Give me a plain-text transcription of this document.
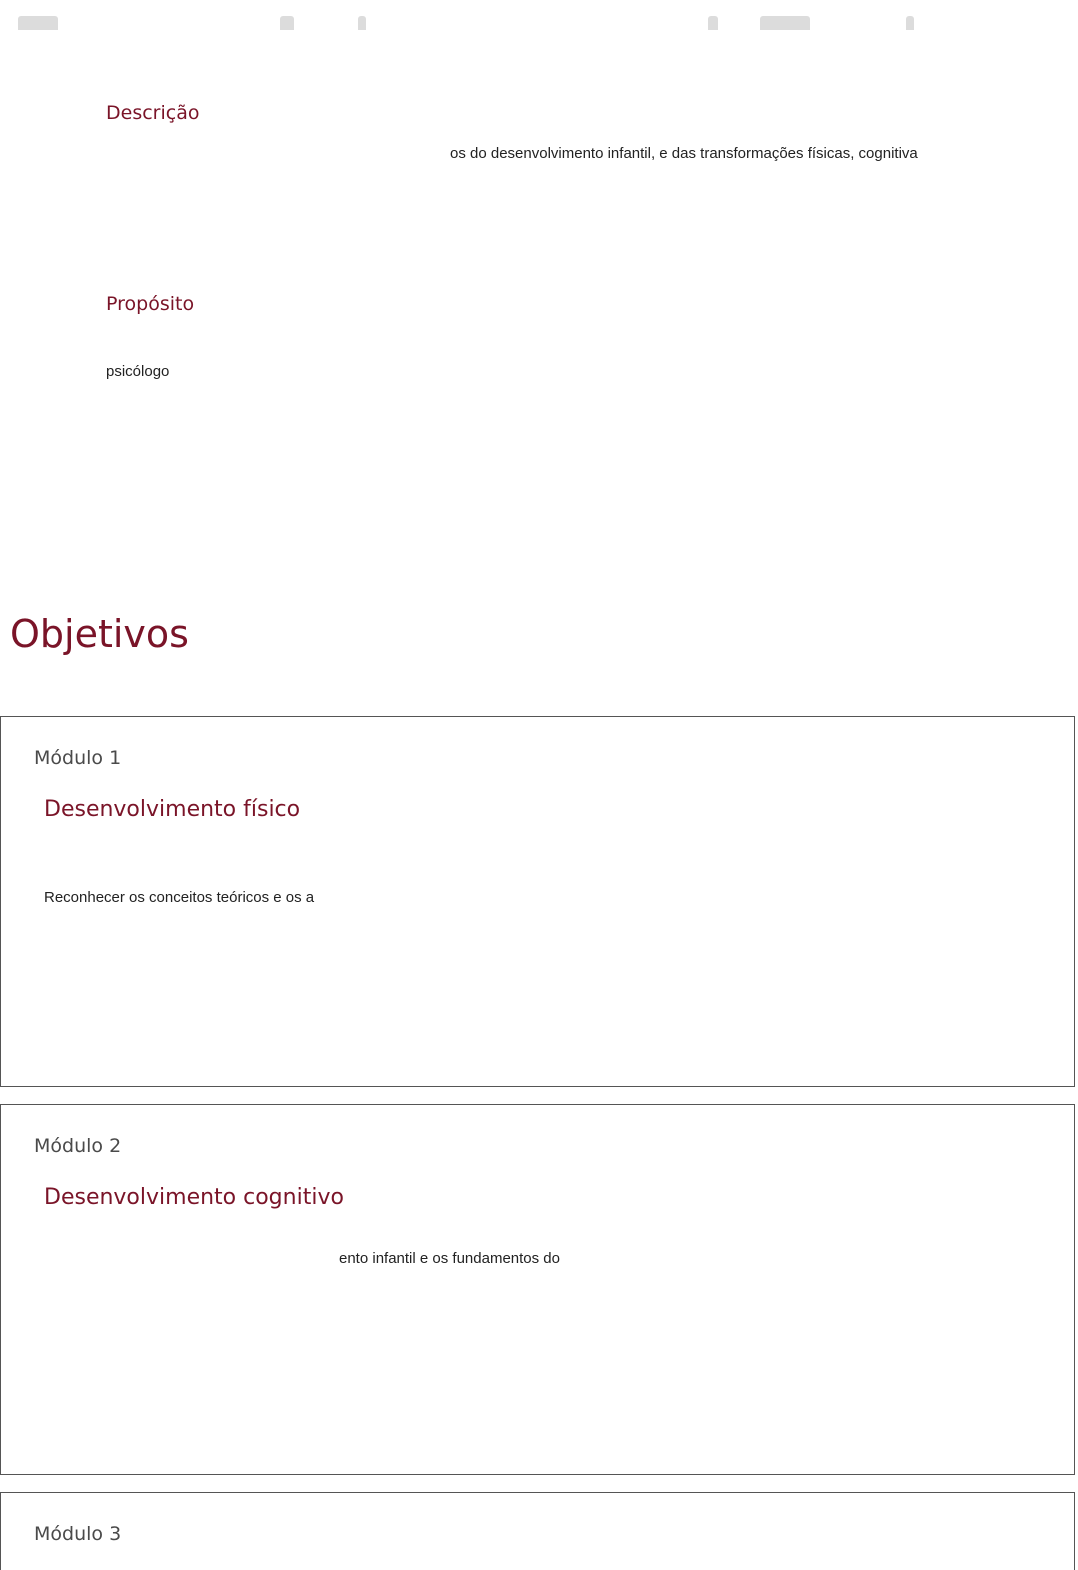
Descrição

os do desenvolvimento infantil, e das transformações físicas, cognitiva

Propósito

psicólogo

Objetivos

Módulo 1

Desenvolvimento físico

Reconhecer os conceitos teóricos e os a

Módulo 2

Desenvolvimento cognitivo

ento infantil e os fundamentos do

Módulo 3
